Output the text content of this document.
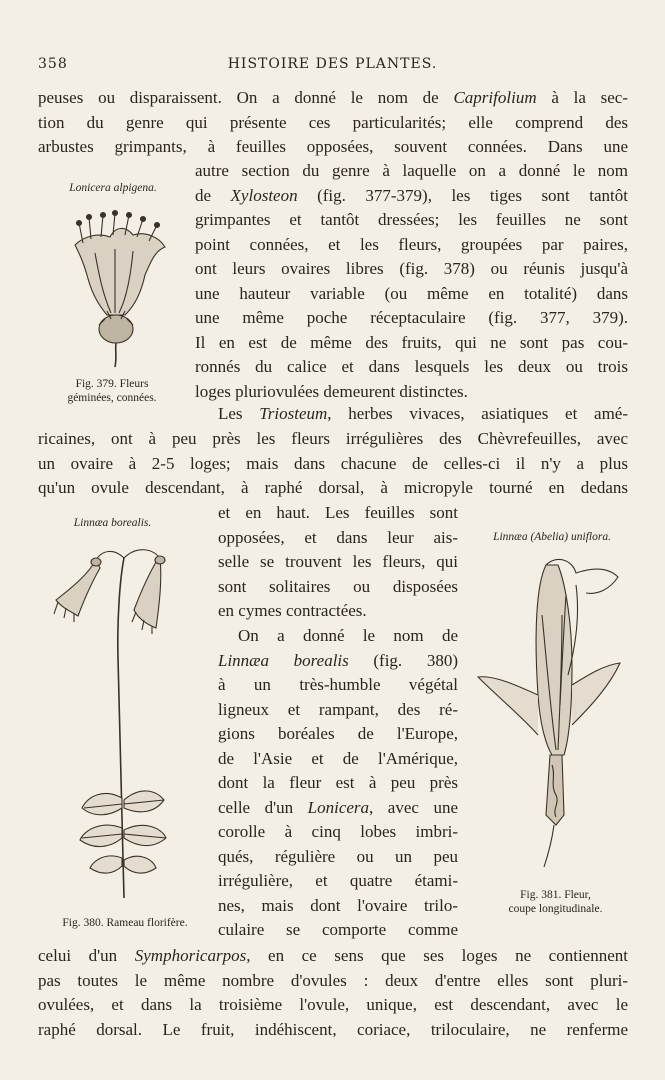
358	HISTOIRE DES PLANTES.
peuses ou disparaissent. On a donné le nom de Caprifolium à la sec-
tion du genre qui présente ces particularités; elle comprend des
arbustes grimpants, à feuilles opposées, souvent connées. Dans une
autre section du genre à laquelle on a donné le nom
de Xylosteon (fig. 377-379), les tiges sont tantôt
grimpantes et tantôt dressées; les feuilles ne sont
point connées, et les fleurs, groupées par paires,
ont leurs ovaires libres (fig. 378) ou réunis jusqu'à
une hauteur variable (ou même en totalité) dans
une même poche réceptaculaire (fig. 377, 379).
Il en est de même des fruits, qui ne sont pas cou-
ronnés du calice et dans lesquels les deux ou trois
loges pluriovulées demeurent distinctes.
Lonicera alpigena.
Fig. 379. Fleurs
géminées, connées.
Les Triosteum, herbes vivaces, asiatiques et amé-
ricaines, ont à peu près les fleurs irrégulières des Chèvrefeuilles, avec
un ovaire à 2-5 loges; mais dans chacune de celles-ci il n'y a plus
qu'un ovule descendant, à raphé dorsal, à micropyle tourné en dedans
et en haut. Les feuilles sont
opposées, et dans leur ais-
selle se trouvent les fleurs, qui
sont solitaires ou disposées
en cymes contractées.
On a donné le nom de
Linnæa borealis (fig. 380)
à un très-humble végétal
ligneux et rampant, des ré-
gions boréales de l'Europe,
de l'Asie et de l'Amérique,
dont la fleur est à peu près
celle d'un Lonicera, avec une
corolle à cinq lobes imbri-
qués, régulière ou un peu
irrégulière, et quatre étami-
nes, mais dont l'ovaire trilo-
culaire se comporte comme
celui d'un Symphoricarpos, en ce sens que ses loges ne contiennent
pas toutes le même nombre d'ovules : deux d'entre elles sont pluri-
ovulées, et dans la troisième l'ovule, unique, est descendant, avec le
raphé dorsal. Le fruit, indéhiscent, coriace, triloculaire, ne renferme
Linnæa borealis.
Fig. 380. Rameau florifère.
Linnæa (Abelia) uniflora.
Fig. 381. Fleur,
coupe longitudinale.
